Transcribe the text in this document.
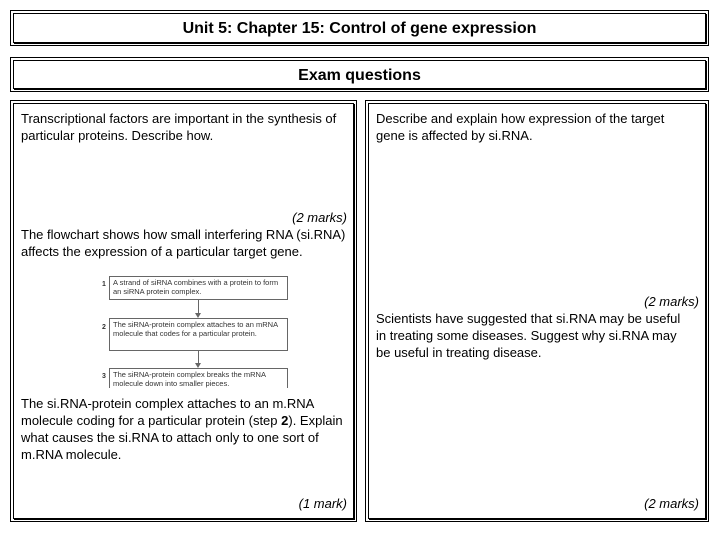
Unit 5: Chapter 15: Control of gene expression
Exam questions
Transcriptional factors are important in the synthesis of particular proteins. Describe how.
(2 marks)
The flowchart shows how small interfering RNA (si.RNA) affects the expression of a particular target gene.
1 A strand of siRNA combines with a protein to form an siRNA protein complex.
2 The siRNA-protein complex attaches to an mRNA molecule that codes for a particular protein.
3 The siRNA-protein complex breaks the mRNA molecule down into smaller pieces.
The si.RNA-protein complex attaches to an m.RNA molecule coding for a particular protein (step 2). Explain what causes the si.RNA to attach only to one sort of m.RNA molecule.
(1 mark)
Describe and explain how expression of the target gene is affected by si.RNA.
(2 marks)
Scientists have suggested that si.RNA may be useful in treating some diseases. Suggest why si.RNA may be useful in treating disease.
(2 marks)
